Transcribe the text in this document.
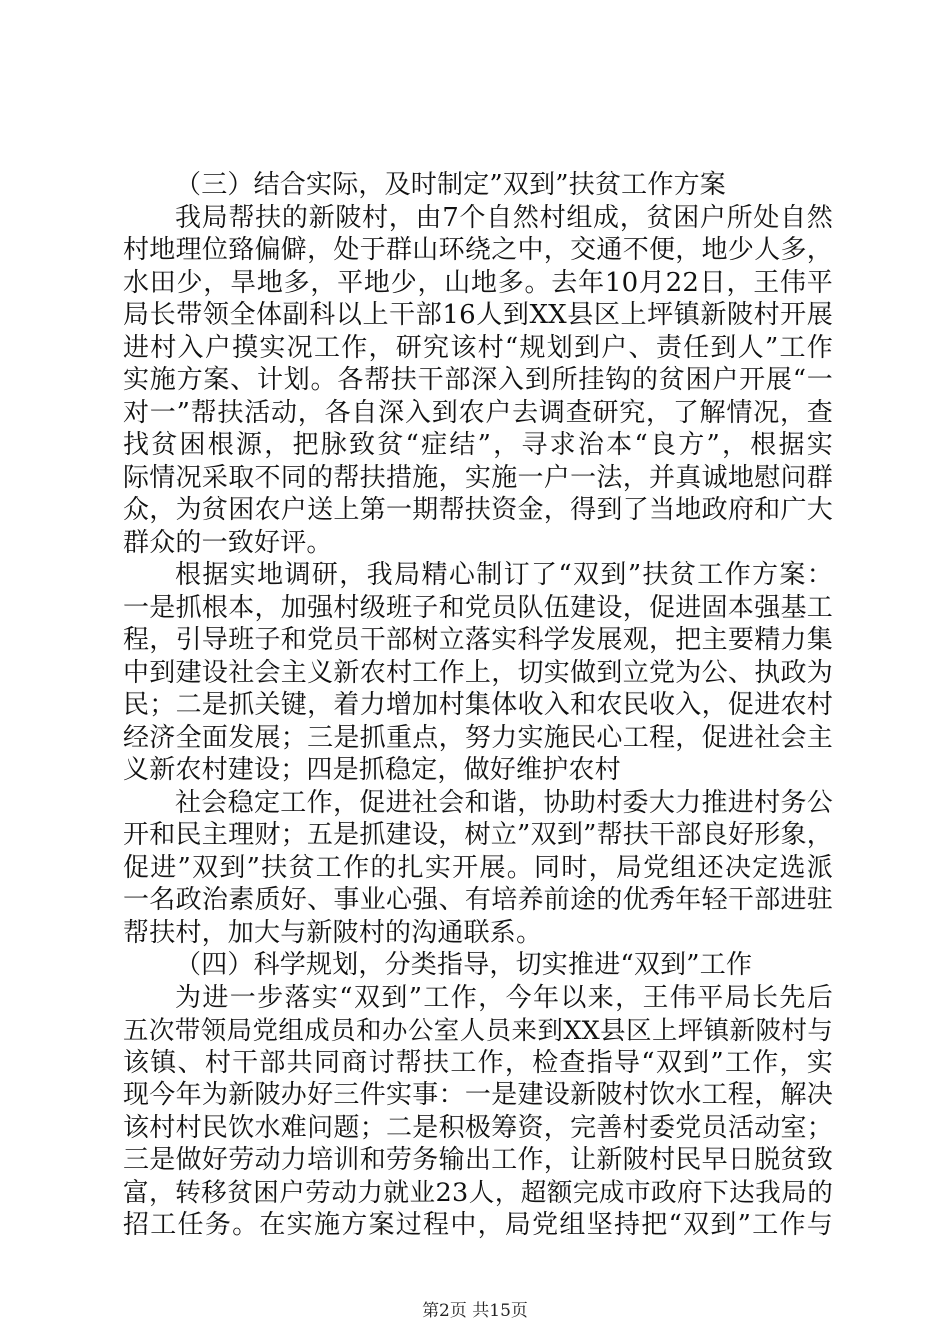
（三）结合实际，及时制定”双到”扶贫工作方案
我局帮扶的新陂村，由7个自然村组成，贫困户所处自然
村地理位臵偏僻，处于群山环绕之中，交通不便，地少人多，
水田少，旱地多，平地少，山地多。去年10月22日，王伟平
局长带领全体副科以上干部16人到XX县区上坪镇新陂村开展
进村入户摸实况工作，研究该村“规划到户、责任到人”工作
实施方案、计划。各帮扶干部深入到所挂钩的贫困户开展“一
对一”帮扶活动，各自深入到农户去调查研究，了解情况，查
找贫困根源，把脉致贫“症结”，寻求治本“良方”，根据实
际情况采取不同的帮扶措施，实施一户一法，并真诚地慰问群
众，为贫困农户送上第一期帮扶资金，得到了当地政府和广大
群众的一致好评。
根据实地调研，我局精心制订了“双到”扶贫工作方案：
一是抓根本，加强村级班子和党员队伍建设，促进固本强基工
程，引导班子和党员干部树立落实科学发展观，把主要精力集
中到建设社会主义新农村工作上，切实做到立党为公、执政为
民；二是抓关键，着力增加村集体收入和农民收入，促进农村
经济全面发展；三是抓重点，努力实施民心工程，促进社会主
义新农村建设；四是抓稳定，做好维护农村
社会稳定工作，促进社会和谐，协助村委大力推进村务公
开和民主理财；五是抓建设，树立”双到”帮扶干部良好形象，
促进”双到”扶贫工作的扎实开展。同时，局党组还决定选派
一名政治素质好、事业心强、有培养前途的优秀年轻干部进驻
帮扶村，加大与新陂村的沟通联系。
（四）科学规划，分类指导，切实推进“双到”工作
为进一步落实“双到”工作，今年以来，王伟平局长先后
五次带领局党组成员和办公室人员来到XX县区上坪镇新陂村与
该镇、村干部共同商讨帮扶工作，检查指导“双到”工作，实
现今年为新陂办好三件实事：一是建设新陂村饮水工程，解决
该村村民饮水难问题；二是积极筹资，完善村委党员活动室；
三是做好劳动力培训和劳务输出工作，让新陂村民早日脱贫致
富，转移贫困户劳动力就业23人，超额完成市政府下达我局的
招工任务。在实施方案过程中，局党组坚持把“双到”工作与
第2页 共15页
